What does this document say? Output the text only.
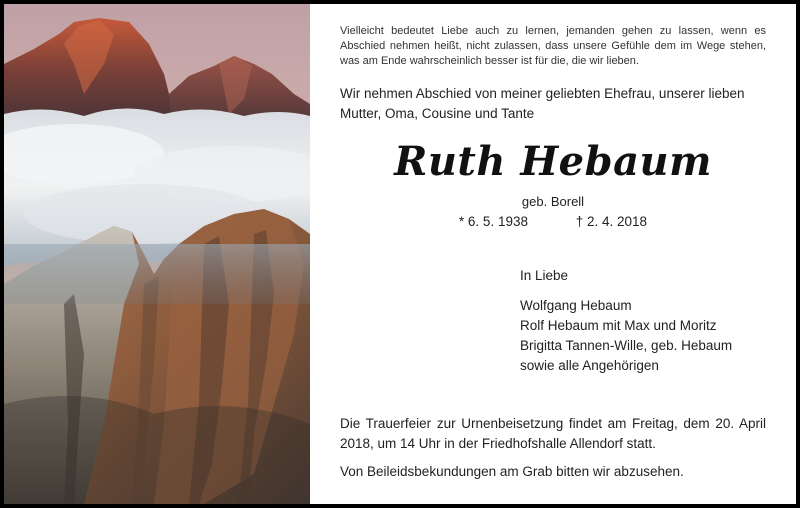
Vielleicht bedeutet Liebe auch zu lernen, jemanden gehen zu lassen, wenn es Abschied nehmen heißt, nicht zulassen, dass unsere Gefühle dem im Wege stehen, was am Ende wahrscheinlich besser ist für die, die wir lieben.

Wir nehmen Abschied von meiner geliebten Ehefrau, unserer lieben Mutter, Oma, Cousine und Tante

Ruth Hebaum

geb. Borell

* 6. 5. 1938	† 2. 4. 2018

In Liebe
Wolfgang Hebaum
Rolf Hebaum mit Max und Moritz
Brigitta Tannen-Wille, geb. Hebaum
sowie alle Angehörigen

Die Trauerfeier zur Urnenbeisetzung findet am Freitag, dem 20. April 2018, um 14 Uhr in der Friedhofshalle Allendorf statt.

Von Beileidsbekundungen am Grab bitten wir abzusehen.
